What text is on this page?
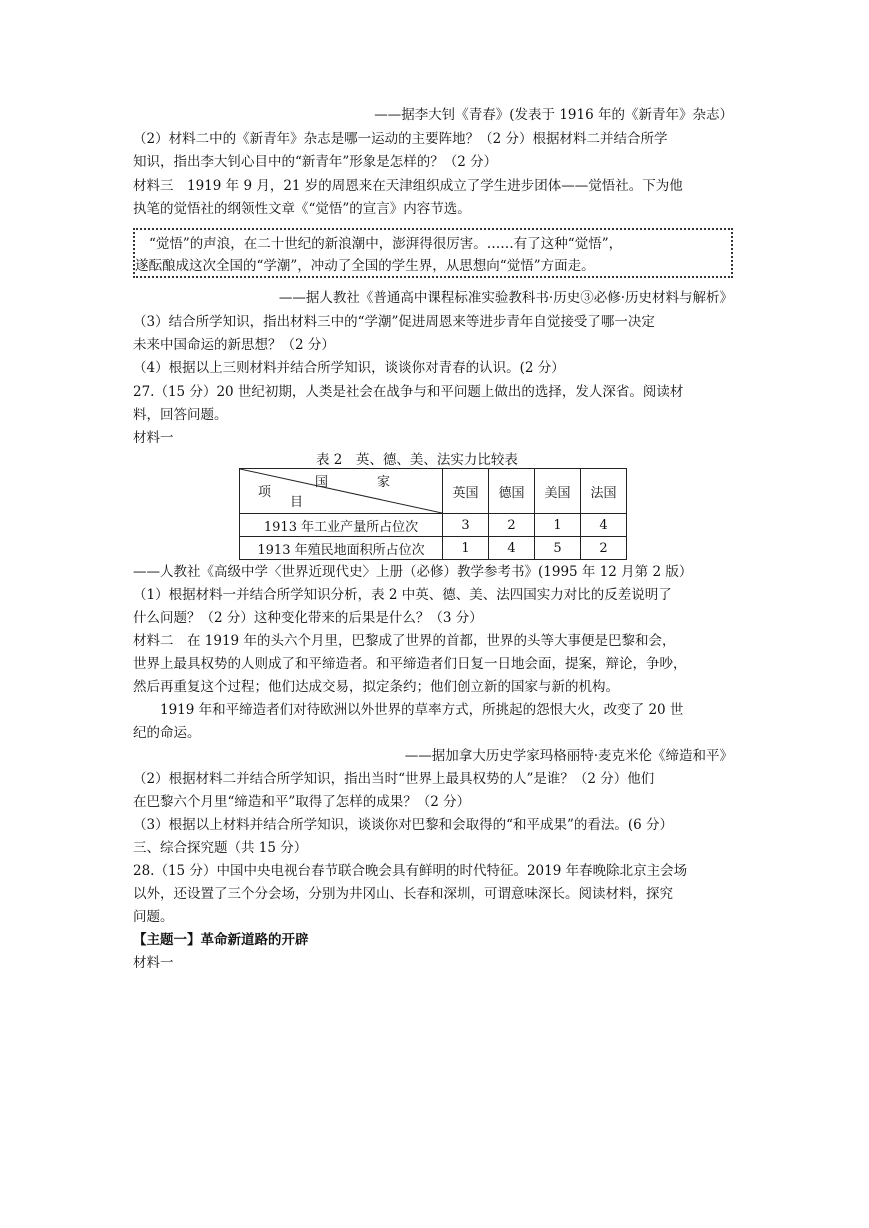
——据李大钊《青春》(发表于 1916 年的《新青年》杂志）
（2）材料二中的《新青年》杂志是哪一运动的主要阵地？（2 分）根据材料二并结合所学
知识，指出李大钊心目中的“新青年”形象是怎样的？（2 分）
材料三　1919 年 9 月，21 岁的周恩来在天津组织成立了学生进步团体——觉悟社。下为他
执笔的觉悟社的纲领性文章《“觉悟”的宣言》内容节选。
“觉悟”的声浪，在二十世纪的新浪潮中，澎湃得很厉害。……有了这种“觉悟”，
遂酝酿成这次全国的“学潮”，冲动了全国的学生界，从思想向“觉悟”方面走。
——据人教社《普通高中课程标准实验教科书·历史③必修·历史材料与解析》
（3）结合所学知识，指出材料三中的“学潮”促进周恩来等进步青年自觉接受了哪一决定
未来中国命运的新思想？（2 分）
（4）根据以上三则材料并结合所学知识，谈谈你对青春的认识。(2 分）
27.（15 分）20 世纪初期，人类是社会在战争与和平问题上做出的选择，发人深省。阅读材
料，回答问题。
材料一
表 2　英、德、美、法实力比较表
国　家
项
目	英国	德国	美国	法国
1913 年工业产量所占位次	3	2	1	4
1913 年殖民地面积所占位次	1	4	5	2
——人教社《高级中学〈世界近现代史〉上册（必修）教学参考书》(1995 年 12 月第 2 版）
（1）根据材料一并结合所学知识分析，表 2 中英、德、美、法四国实力对比的反差说明了
什么问题？（2 分）这种变化带来的后果是什么？（3 分）
材料二　在 1919 年的头六个月里，巴黎成了世界的首都，世界的头等大事便是巴黎和会，
世界上最具权势的人则成了和平缔造者。和平缔造者们日复一日地会面，提案，辩论，争吵，
然后再重复这个过程；他们达成交易，拟定条约；他们创立新的国家与新的机构。
1919 年和平缔造者们对待欧洲以外世界的草率方式，所挑起的怨恨大火，改变了 20 世
纪的命运。
——据加拿大历史学家玛格丽特·麦克米伦《缔造和平》
（2）根据材料二并结合所学知识，指出当时“世界上最具权势的人”是谁？（2 分）他们
在巴黎六个月里“缔造和平”取得了怎样的成果？（2 分）
（3）根据以上材料并结合所学知识，谈谈你对巴黎和会取得的“和平成果”的看法。(6 分）
三、综合探究题（共 15 分）
28.（15 分）中国中央电视台春节联合晚会具有鲜明的时代特征。2019 年春晚除北京主会场
以外，还设置了三个分会场，分别为井冈山、长春和深圳，可谓意味深长。阅读材料，探究
问题。
【主题一】革命新道路的开辟
材料一
